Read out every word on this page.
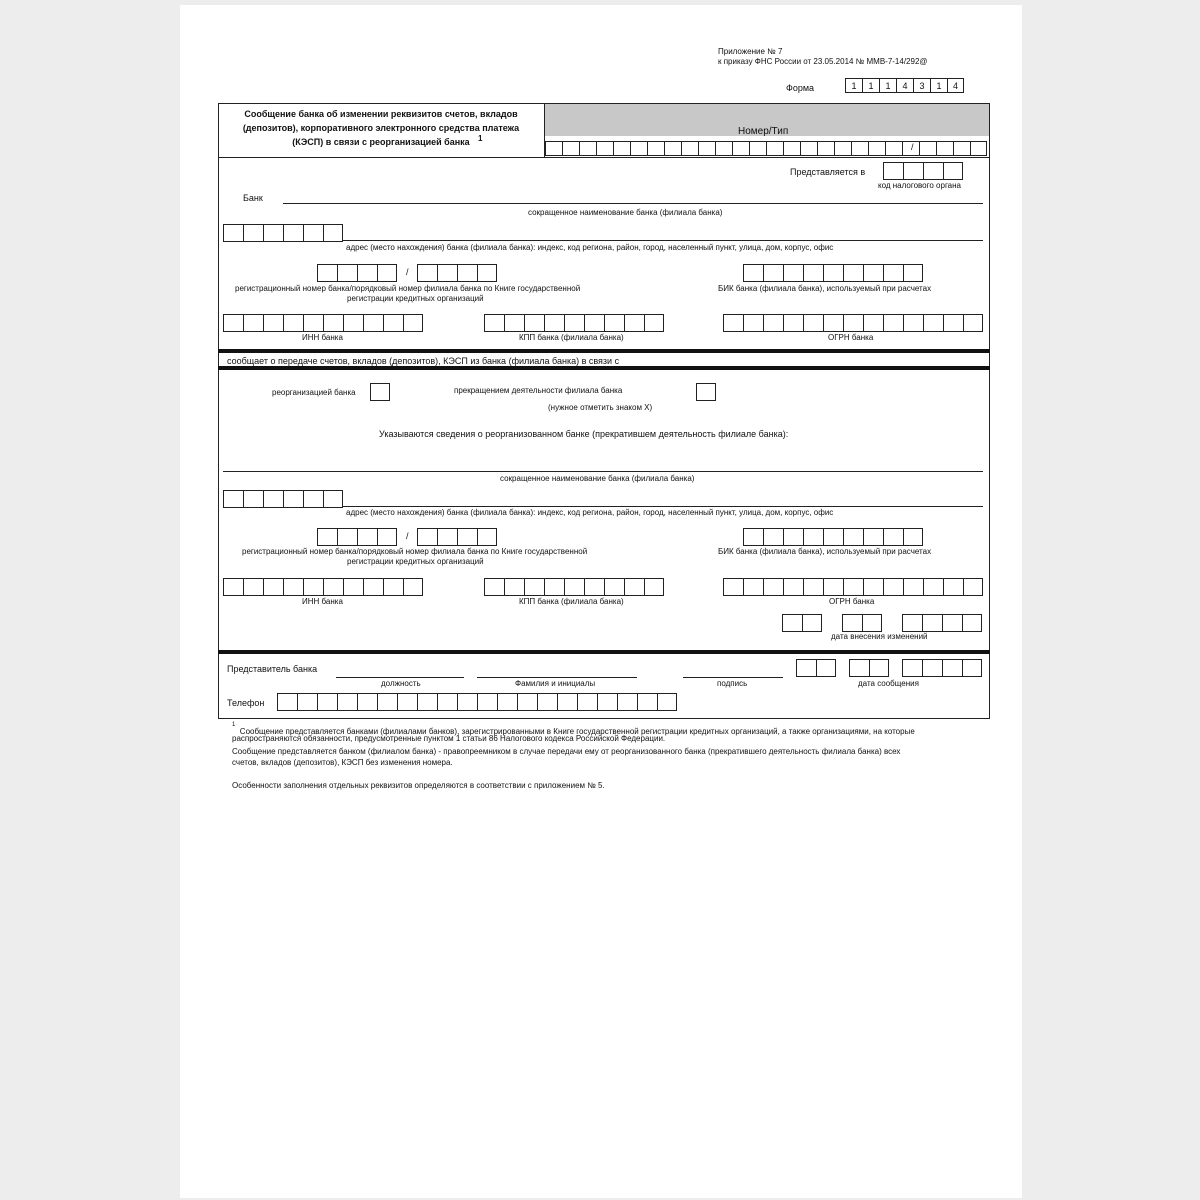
Приложение № 7
к приказу ФНС России от 23.05.2014 № ММВ-7-14/292@
Форма	1	1	1	4	3	1	4
Сообщение банка об изменении реквизитов счетов, вкладов
(депозитов), корпоративного электронного средства платежа
(КЭСП) в связи с реорганизацией банка	1
Номер/Тип
/
Представляется в
код налогового органа
Банк
сокращенное наименование банка (филиала банка)
адрес (место нахождения) банка (филиала банка): индекс, код региона, район, город, населенный пункт, улица, дом, корпус, офис
/
регистрационный номер банка/порядковый номер филиала банка по Книге государственной
регистрации кредитных организаций
БИК банка (филиала банка), используемый при расчетах
ИНН банка	КПП банка (филиала банка)	ОГРН банка
сообщает о передаче счетов, вкладов (депозитов), КЭСП из банка (филиала банка) в связи с
реорганизацией банка	прекращением деятельности филиала банка
(нужное отметить знаком X)
Указываются сведения о реорганизованном банке (прекратившем деятельность филиале банка):
сокращенное наименование банка (филиала банка)
адрес (место нахождения) банка (филиала банка): индекс, код региона, район, город, населенный пункт, улица, дом, корпус, офис
/
регистрационный номер банка/порядковый номер филиала банка по Книге государственной
регистрации кредитных организаций
БИК банка (филиала банка), используемый при расчетах
ИНН банка	КПП банка (филиала банка)	ОГРН банка
дата внесения изменений
Представитель банка
должность	Фамилия и инициалы	подпись	дата сообщения
Телефон
$^1$ Сообщение представляется банками (филиалами банков), зарегистрированными в Книге государственной регистрации кредитных организаций, а также организациями, на которые
распространяются обязанности, предусмотренные пунктом 1 статьи 86 Налогового кодекса Российской Федерации.
Сообщение представляется банком (филиалом банка) - правопреемником в случае передачи ему от реорганизованного банка (прекратившего деятельность филиала банка) всех
счетов, вкладов (депозитов), КЭСП без изменения номера.
Особенности заполнения отдельных реквизитов определяются в соответствии с приложением № 5.
